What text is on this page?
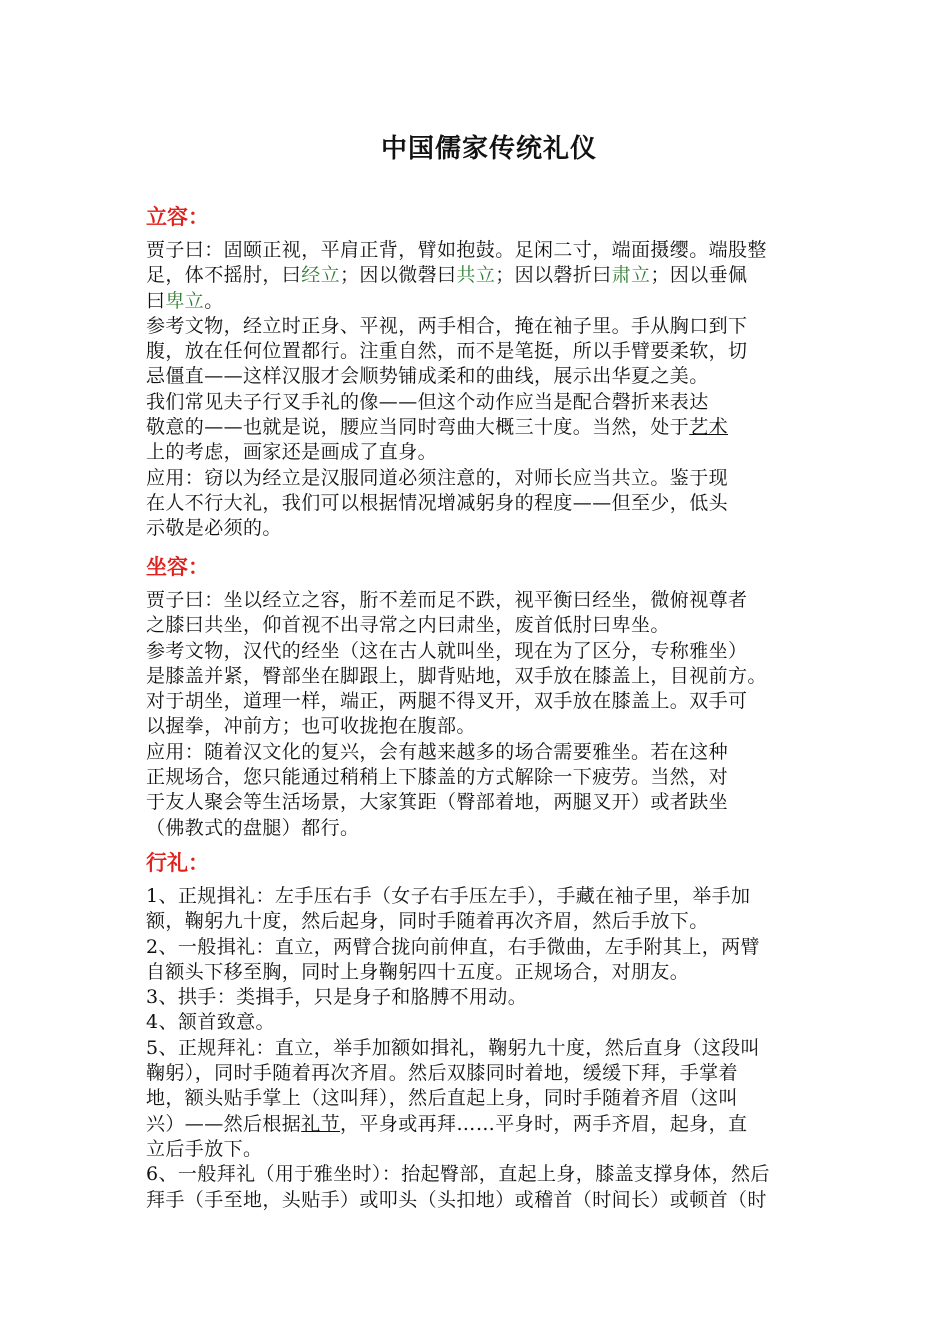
中国儒家传统礼仪
立容：
贾子曰：固颐正视，平肩正背，臂如抱鼓。足闲二寸，端面摄缨。端股整
足，体不摇肘，曰经立；因以微磬曰共立；因以磬折曰肃立；因以垂佩
曰卑立。
参考文物，经立时正身、平视，两手相合，掩在袖子里。手从胸口到下
腹，放在任何位置都行。注重自然，而不是笔挺，所以手臂要柔软，切
忌僵直——这样汉服才会顺势铺成柔和的曲线，展示出华夏之美。
我们常见夫子行叉手礼的像——但这个动作应当是配合磬折来表达
敬意的——也就是说，腰应当同时弯曲大概三十度。当然，处于艺术
上的考虑，画家还是画成了直身。
应用：窃以为经立是汉服同道必须注意的，对师长应当共立。鉴于现
在人不行大礼，我们可以根据情况增减躬身的程度——但至少，低头
示敬是必须的。
坐容：
贾子曰：坐以经立之容，胻不差而足不跌，视平衡曰经坐，微俯视尊者
之膝曰共坐，仰首视不出寻常之内曰肃坐，废首低肘曰卑坐。
参考文物，汉代的经坐（这在古人就叫坐，现在为了区分，专称雅坐）
是膝盖并紧，臀部坐在脚跟上，脚背贴地，双手放在膝盖上，目视前方。
对于胡坐，道理一样，端正，两腿不得叉开，双手放在膝盖上。双手可
以握拳，冲前方；也可收拢抱在腹部。
应用：随着汉文化的复兴，会有越来越多的场合需要雅坐。若在这种
正规场合，您只能通过稍稍上下膝盖的方式解除一下疲劳。当然，对
于友人聚会等生活场景，大家箕距（臀部着地，两腿叉开）或者趺坐
（佛教式的盘腿）都行。
行礼：
1、正规揖礼：左手压右手（女子右手压左手），手藏在袖子里，举手加
额，鞠躬九十度，然后起身，同时手随着再次齐眉，然后手放下。
2、一般揖礼：直立，两臂合拢向前伸直，右手微曲，左手附其上，两臂
自额头下移至胸，同时上身鞠躬四十五度。正规场合，对朋友。
3、拱手：类揖手，只是身子和胳膊不用动。
4、颔首致意。
5、正规拜礼：直立，举手加额如揖礼，鞠躬九十度，然后直身（这段叫
鞠躬），同时手随着再次齐眉。然后双膝同时着地，缓缓下拜，手掌着
地，额头贴手掌上（这叫拜），然后直起上身，同时手随着齐眉（这叫
兴）——然后根据礼节，平身或再拜……平身时，两手齐眉，起身，直
立后手放下。
6、一般拜礼（用于雅坐时）：抬起臀部，直起上身，膝盖支撑身体，然后
拜手（手至地，头贴手）或叩头（头扣地）或稽首（时间长）或顿首（时
